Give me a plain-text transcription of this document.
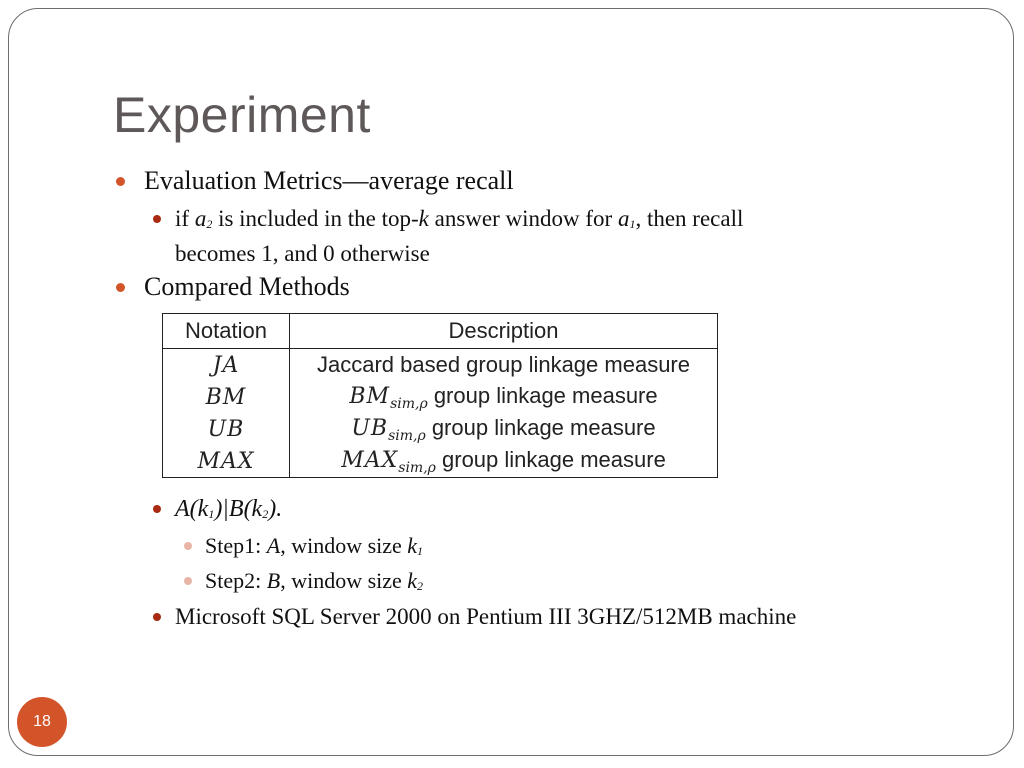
Experiment
Evaluation Metrics—average recall
if a2 is included in the top-k answer window for a1, then recall
becomes 1, and 0 otherwise
Compared Methods
Notation	Description
JA	Jaccard based group linkage measure
BM	$BM_{sim,\rho}$ group linkage measure
UB	$UB_{sim,\rho}$ group linkage measure
MAX	$MAX_{sim,\rho}$ group linkage measure
A(k1)|B(k2).
Step1: A, window size k1
Step2: B, window size k2
Microsoft SQL Server 2000 on Pentium III 3GHZ/512MB machine
18
